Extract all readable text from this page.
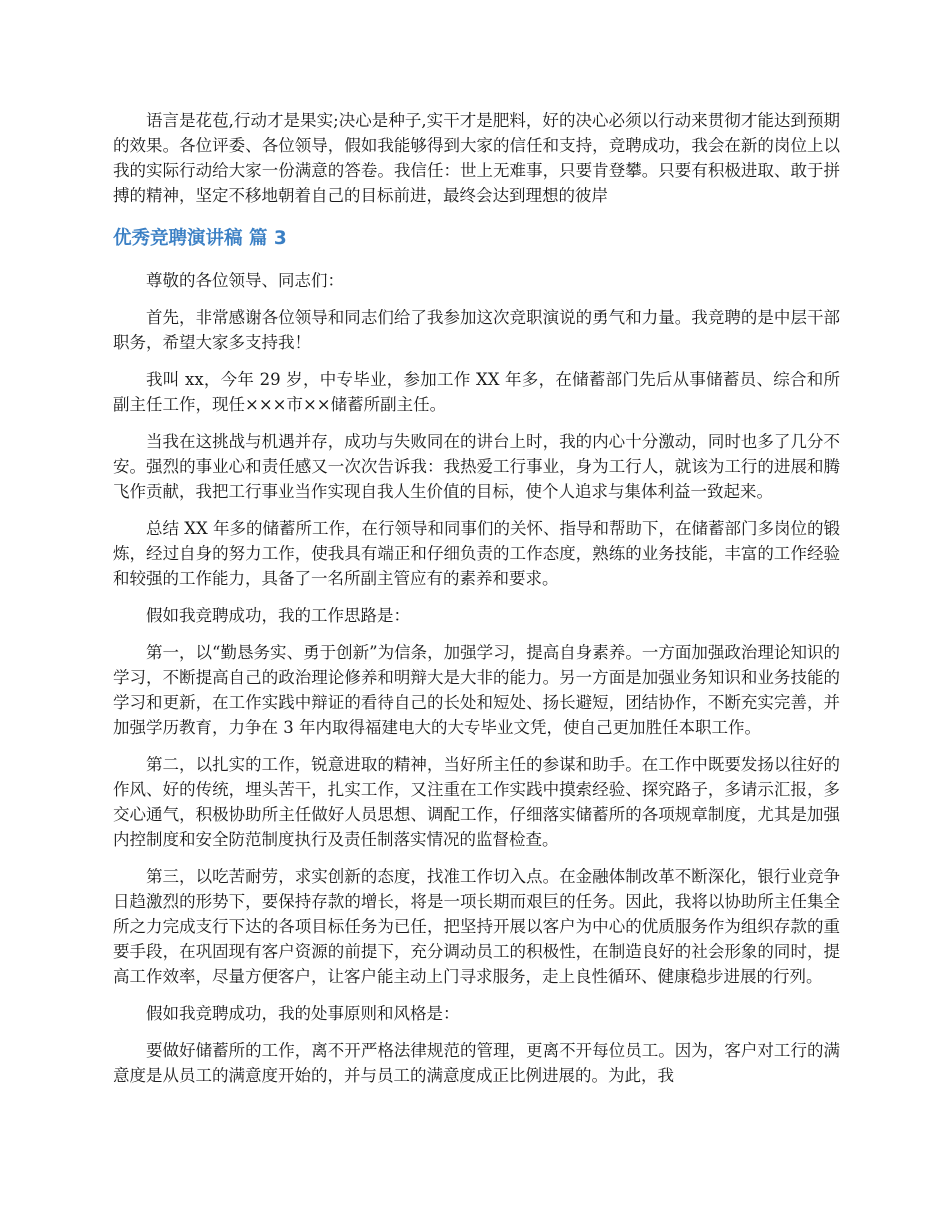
语言是花苞,行动才是果实;决心是种子,实干才是肥料，好的决心必须以行动来贯彻才能达到预期的效果。各位评委、各位领导，假如我能够得到大家的信任和支持，竞聘成功，我会在新的岗位上以我的实际行动给大家一份满意的答卷。我信任：世上无难事，只要肯登攀。只要有积极进取、敢于拼搏的精神，坚定不移地朝着自己的目标前进，最终会达到理想的彼岸

优秀竞聘演讲稿 篇 3

尊敬的各位领导、同志们：

首先，非常感谢各位领导和同志们给了我参加这次竞职演说的勇气和力量。我竞聘的是中层干部职务，希望大家多支持我！

我叫 xx，今年 29 岁，中专毕业，参加工作 XX 年多，在储蓄部门先后从事储蓄员、综合和所副主任工作，现任×××市××储蓄所副主任。

当我在这挑战与机遇并存，成功与失败同在的讲台上时，我的内心十分激动，同时也多了几分不安。强烈的事业心和责任感又一次次告诉我：我热爱工行事业，身为工行人，就该为工行的进展和腾飞作贡献，我把工行事业当作实现自我人生价值的目标，使个人追求与集体利益一致起来。

总结 XX 年多的储蓄所工作，在行领导和同事们的关怀、指导和帮助下，在储蓄部门多岗位的锻炼，经过自身的努力工作，使我具有端正和仔细负责的工作态度，熟练的业务技能，丰富的工作经验和较强的工作能力，具备了一名所副主管应有的素养和要求。

假如我竞聘成功，我的工作思路是：

第一，以“勤恳务实、勇于创新”为信条，加强学习，提高自身素养。一方面加强政治理论知识的学习，不断提高自己的政治理论修养和明辩大是大非的能力。另一方面是加强业务知识和业务技能的学习和更新，在工作实践中辩证的看待自己的长处和短处、扬长避短，团结协作，不断充实完善，并加强学历教育，力争在 3 年内取得福建电大的大专毕业文凭，使自己更加胜任本职工作。

第二，以扎实的工作，锐意进取的精神，当好所主任的参谋和助手。在工作中既要发扬以往好的作风、好的传统，埋头苦干，扎实工作，又注重在工作实践中摸索经验、探究路子，多请示汇报，多交心通气，积极协助所主任做好人员思想、调配工作，仔细落实储蓄所的各项规章制度，尤其是加强内控制度和安全防范制度执行及责任制落实情况的监督检查。

第三，以吃苦耐劳，求实创新的态度，找准工作切入点。在金融体制改革不断深化，银行业竞争日趋激烈的形势下，要保持存款的增长，将是一项长期而艰巨的任务。因此，我将以协助所主任集全所之力完成支行下达的各项目标任务为已任，把坚持开展以客户为中心的优质服务作为组织存款的重要手段，在巩固现有客户资源的前提下，充分调动员工的积极性，在制造良好的社会形象的同时，提高工作效率，尽量方便客户，让客户能主动上门寻求服务，走上良性循环、健康稳步进展的行列。

假如我竞聘成功，我的处事原则和风格是：

要做好储蓄所的工作，离不开严格法律规范的管理，更离不开每位员工。因为，客户对工行的满意度是从员工的满意度开始的，并与员工的满意度成正比例进展的。为此，我
